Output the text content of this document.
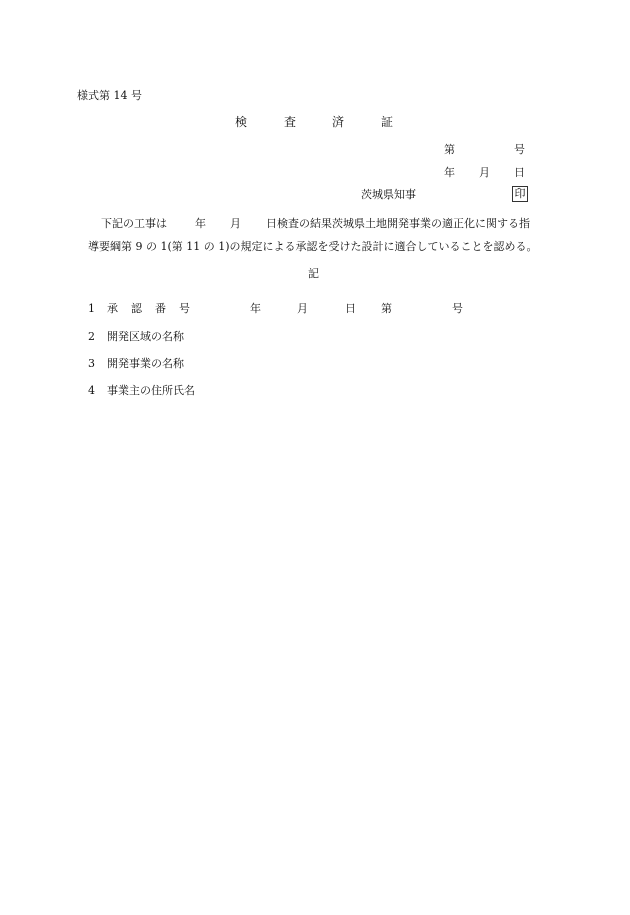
様式第 14 号
検	査	済	証
第	号
年 月 日
茨城県知事	印
下記の工事は	年 月 日検査の結果茨城県土地開発事業の適正化に関する指
導要綱第 9 の 1(第 11 の 1)の規定による承認を受けた設計に適合していることを認める。
記
1 承 認 番 号	年	月	日 第	号
2 開発区域の名称
3 開発事業の名称
4 事業主の住所氏名
